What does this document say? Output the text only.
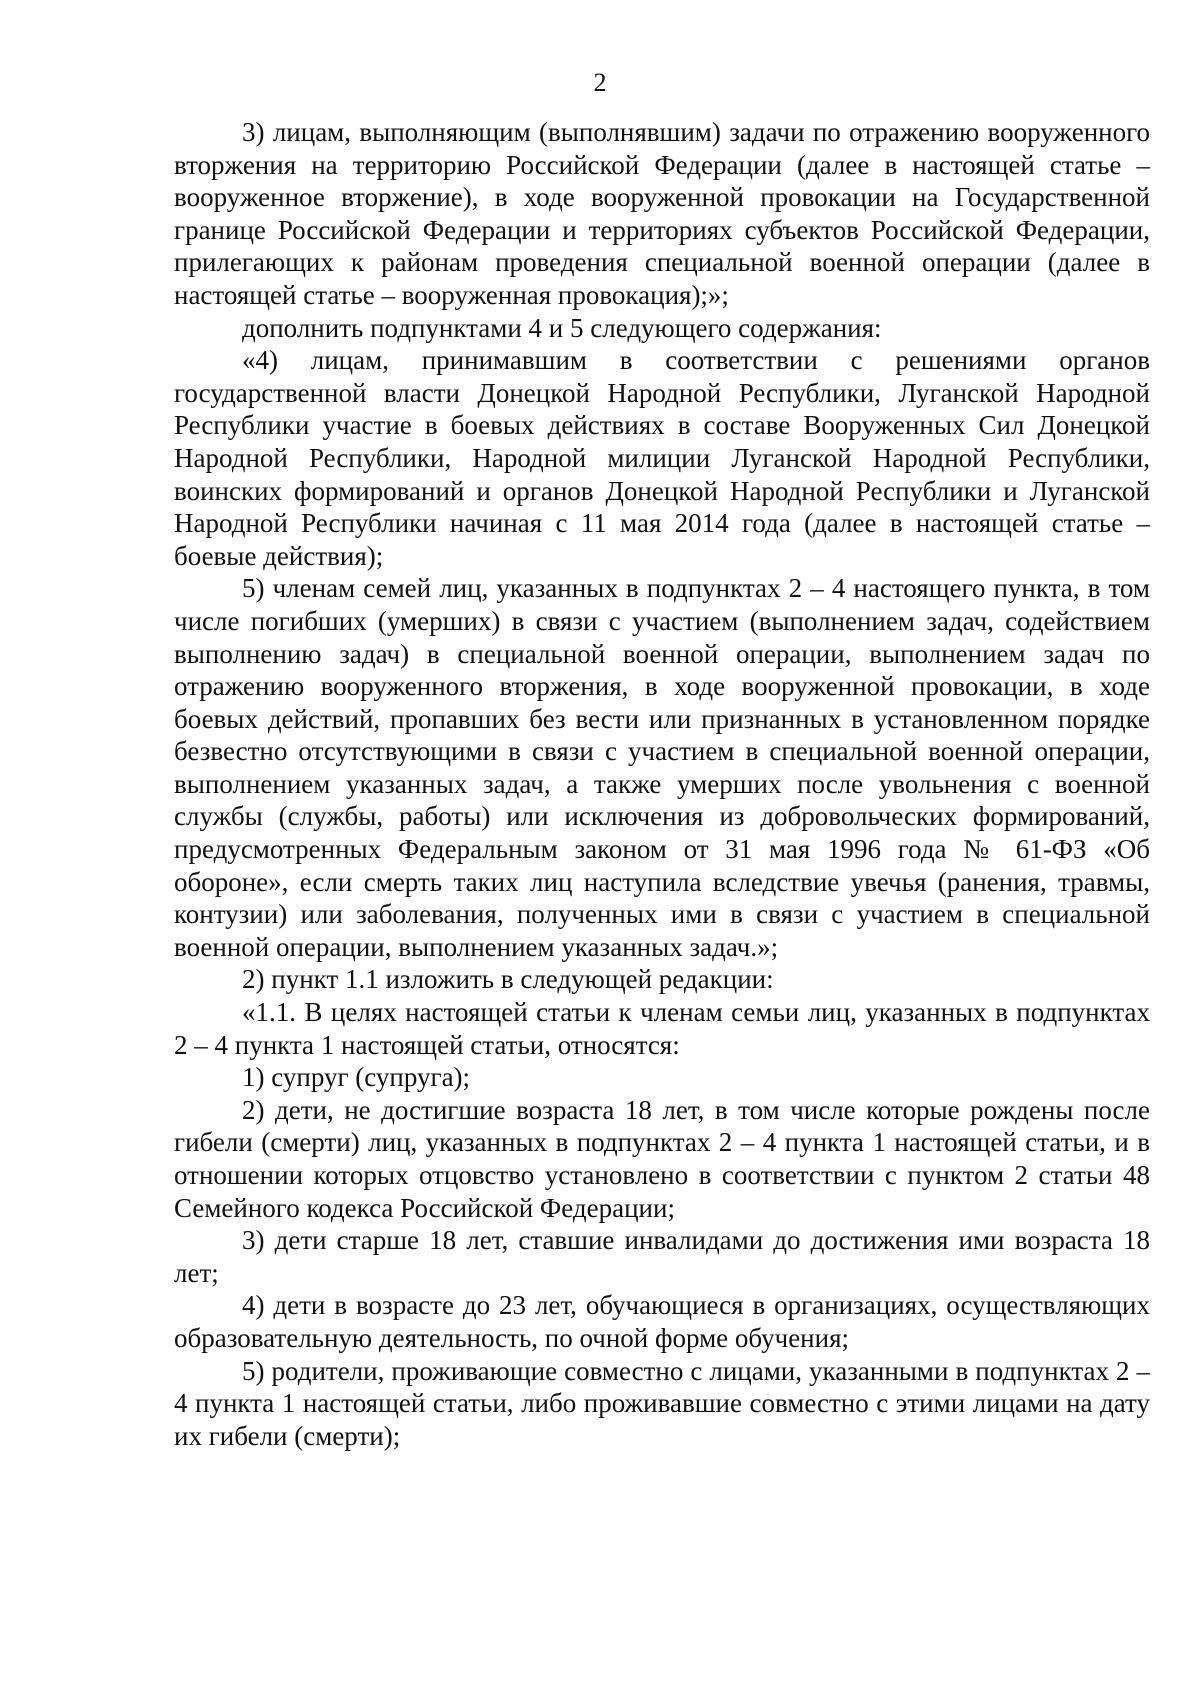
2

3) лицам, выполняющим (выполнявшим) задачи по отражению вооруженного вторжения на территорию Российской Федерации (далее в настоящей статье – вооруженное вторжение), в ходе вооруженной провокации на Государственной границе Российской Федерации и территориях субъектов Российской Федерации, прилегающих к районам проведения специальной военной операции (далее в настоящей статье – вооруженная провокация);»;

дополнить подпунктами 4 и 5 следующего содержания:

«4) лицам, принимавшим в соответствии с решениями органов государственной власти Донецкой Народной Республики, Луганской Народной Республики участие в боевых действиях в составе Вооруженных Сил Донецкой Народной Республики, Народной милиции Луганской Народной Республики, воинских формирований и органов Донецкой Народной Республики и Луганской Народной Республики начиная с 11 мая 2014 года (далее в настоящей статье – боевые действия);

5) членам семей лиц, указанных в подпунктах 2 – 4 настоящего пункта, в том числе погибших (умерших) в связи с участием (выполнением задач, содействием выполнению задач) в специальной военной операции, выполнением задач по отражению вооруженного вторжения, в ходе вооруженной провокации, в ходе боевых действий, пропавших без вести или признанных в установленном порядке безвестно отсутствующими в связи с участием в специальной военной операции, выполнением указанных задач, а также умерших после увольнения с военной службы (службы, работы) или исключения из добровольческих формирований, предусмотренных Федеральным законом от 31 мая 1996 года № 61-ФЗ «Об обороне», если смерть таких лиц наступила вследствие увечья (ранения, травмы, контузии) или заболевания, полученных ими в связи с участием в специальной военной операции, выполнением указанных задач.»;

2) пункт 1.1 изложить в следующей редакции:

«1.1. В целях настоящей статьи к членам семьи лиц, указанных в подпунктах 2 – 4 пункта 1 настоящей статьи, относятся:

1) супруг (супруга);

2) дети, не достигшие возраста 18 лет, в том числе которые рождены после гибели (смерти) лиц, указанных в подпунктах 2 – 4 пункта 1 настоящей статьи, и в отношении которых отцовство установлено в соответствии с пунктом 2 статьи 48 Семейного кодекса Российской Федерации;

3) дети старше 18 лет, ставшие инвалидами до достижения ими возраста 18 лет;

4) дети в возрасте до 23 лет, обучающиеся в организациях, осуществляющих образовательную деятельность, по очной форме обучения;

5) родители, проживающие совместно с лицами, указанными в подпунктах 2 – 4 пункта 1 настоящей статьи, либо проживавшие совместно с этими лицами на дату их гибели (смерти);
